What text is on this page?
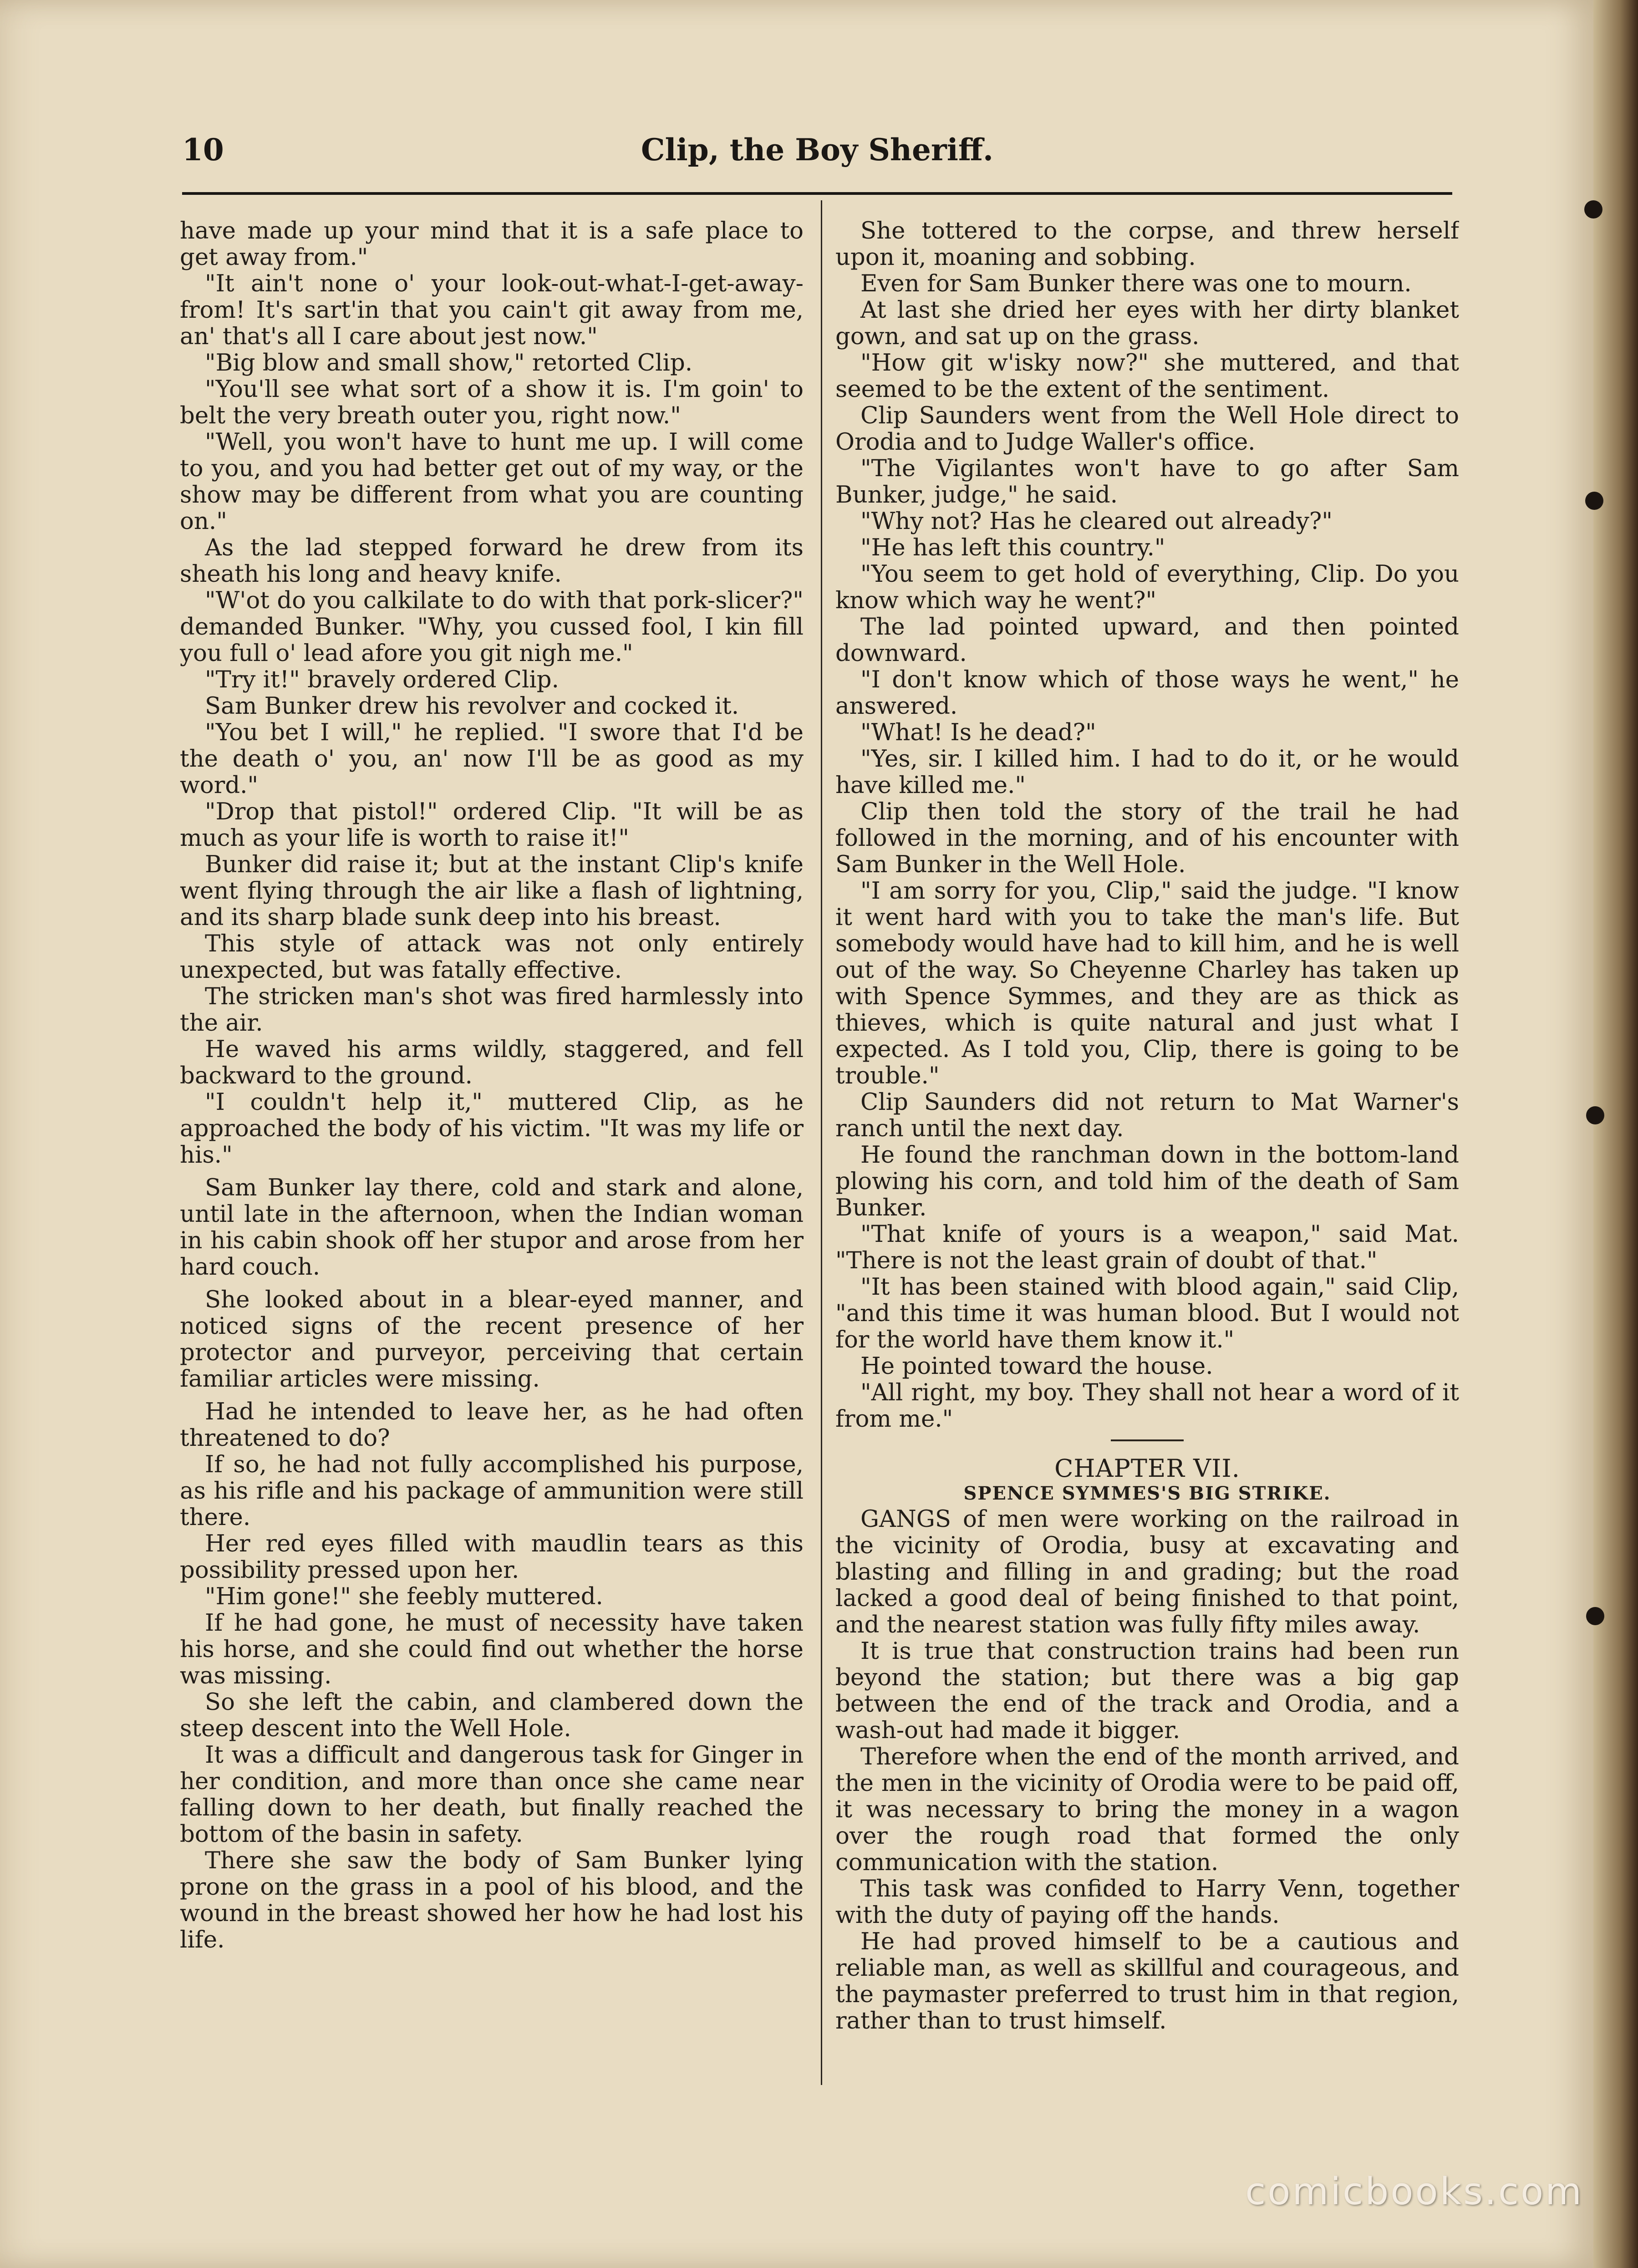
10	Clip, the Boy Sheriff.

have made up your mind that it is a safe place to get away from."

"It ain't none o' your look-out-what-I-get-away-from! It's sart'in that you cain't git away from me, an' that's all I care about jest now."

"Big blow and small show," retorted Clip.

"You'll see what sort of a show it is. I'm goin' to belt the very breath outer you, right now."

"Well, you won't have to hunt me up. I will come to you, and you had better get out of my way, or the show may be different from what you are counting on."

As the lad stepped forward he drew from its sheath his long and heavy knife.

"W'ot do you calkilate to do with that pork-slicer?" demanded Bunker. "Why, you cussed fool, I kin fill you full o' lead afore you git nigh me."

"Try it!" bravely ordered Clip.

Sam Bunker drew his revolver and cocked it.

"You bet I will," he replied. "I swore that I'd be the death o' you, an' now I'll be as good as my word."

"Drop that pistol!" ordered Clip. "It will be as much as your life is worth to raise it!"

Bunker did raise it; but at the instant Clip's knife went flying through the air like a flash of lightning, and its sharp blade sunk deep into his breast.

This style of attack was not only entirely unexpected, but was fatally effective.

The stricken man's shot was fired harmlessly into the air.

He waved his arms wildly, staggered, and fell backward to the ground.

"I couldn't help it," muttered Clip, as he approached the body of his victim. "It was my life or his."

Sam Bunker lay there, cold and stark and alone, until late in the afternoon, when the Indian woman in his cabin shook off her stupor and arose from her hard couch.

She looked about in a blear-eyed manner, and noticed signs of the recent presence of her protector and purveyor, perceiving that certain familiar articles were missing.

Had he intended to leave her, as he had often threatened to do?

If so, he had not fully accomplished his purpose, as his rifle and his package of ammunition were still there.

Her red eyes filled with maudlin tears as this possibility pressed upon her.

"Him gone!" she feebly muttered.

If he had gone, he must of necessity have taken his horse, and she could find out whether the horse was missing.

So she left the cabin, and clambered down the steep descent into the Well Hole.

It was a difficult and dangerous task for Ginger in her condition, and more than once she came near falling down to her death, but finally reached the bottom of the basin in safety.

There she saw the body of Sam Bunker lying prone on the grass in a pool of his blood, and the wound in the breast showed her how he had lost his life.

She tottered to the corpse, and threw herself upon it, moaning and sobbing.

Even for Sam Bunker there was one to mourn.

At last she dried her eyes with her dirty blanket gown, and sat up on the grass.

"How git w'isky now?" she muttered, and that seemed to be the extent of the sentiment.

Clip Saunders went from the Well Hole direct to Orodia and to Judge Waller's office.

"The Vigilantes won't have to go after Sam Bunker, judge," he said.

"Why not? Has he cleared out already?"

"He has left this country."

"You seem to get hold of everything, Clip. Do you know which way he went?"

The lad pointed upward, and then pointed downward.

"I don't know which of those ways he went," he answered.

"What! Is he dead?"

"Yes, sir. I killed him. I had to do it, or he would have killed me."

Clip then told the story of the trail he had followed in the morning, and of his encounter with Sam Bunker in the Well Hole.

"I am sorry for you, Clip," said the judge. "I know it went hard with you to take the man's life. But somebody would have had to kill him, and he is well out of the way. So Cheyenne Charley has taken up with Spence Symmes, and they are as thick as thieves, which is quite natural and just what I expected. As I told you, Clip, there is going to be trouble."

Clip Saunders did not return to Mat Warner's ranch until the next day.

He found the ranchman down in the bottom-land plowing his corn, and told him of the death of Sam Bunker.

"That knife of yours is a weapon," said Mat. "There is not the least grain of doubt of that."

"It has been stained with blood again," said Clip, "and this time it was human blood. But I would not for the world have them know it."

He pointed toward the house.

"All right, my boy. They shall not hear a word of it from me."

CHAPTER VII.

SPENCE SYMMES'S BIG STRIKE.

GANGS of men were working on the railroad in the vicinity of Orodia, busy at excavating and blasting and filling in and grading; but the road lacked a good deal of being finished to that point, and the nearest station was fully fifty miles away.

It is true that construction trains had been run beyond the station; but there was a big gap between the end of the track and Orodia, and a wash-out had made it bigger.

Therefore when the end of the month arrived, and the men in the vicinity of Orodia were to be paid off, it was necessary to bring the money in a wagon over the rough road that formed the only communication with the station.

This task was confided to Harry Venn, together with the duty of paying off the hands.

He had proved himself to be a cautious and reliable man, as well as skillful and courageous, and the paymaster preferred to trust him in that region, rather than to trust himself.

comicbooks.com
